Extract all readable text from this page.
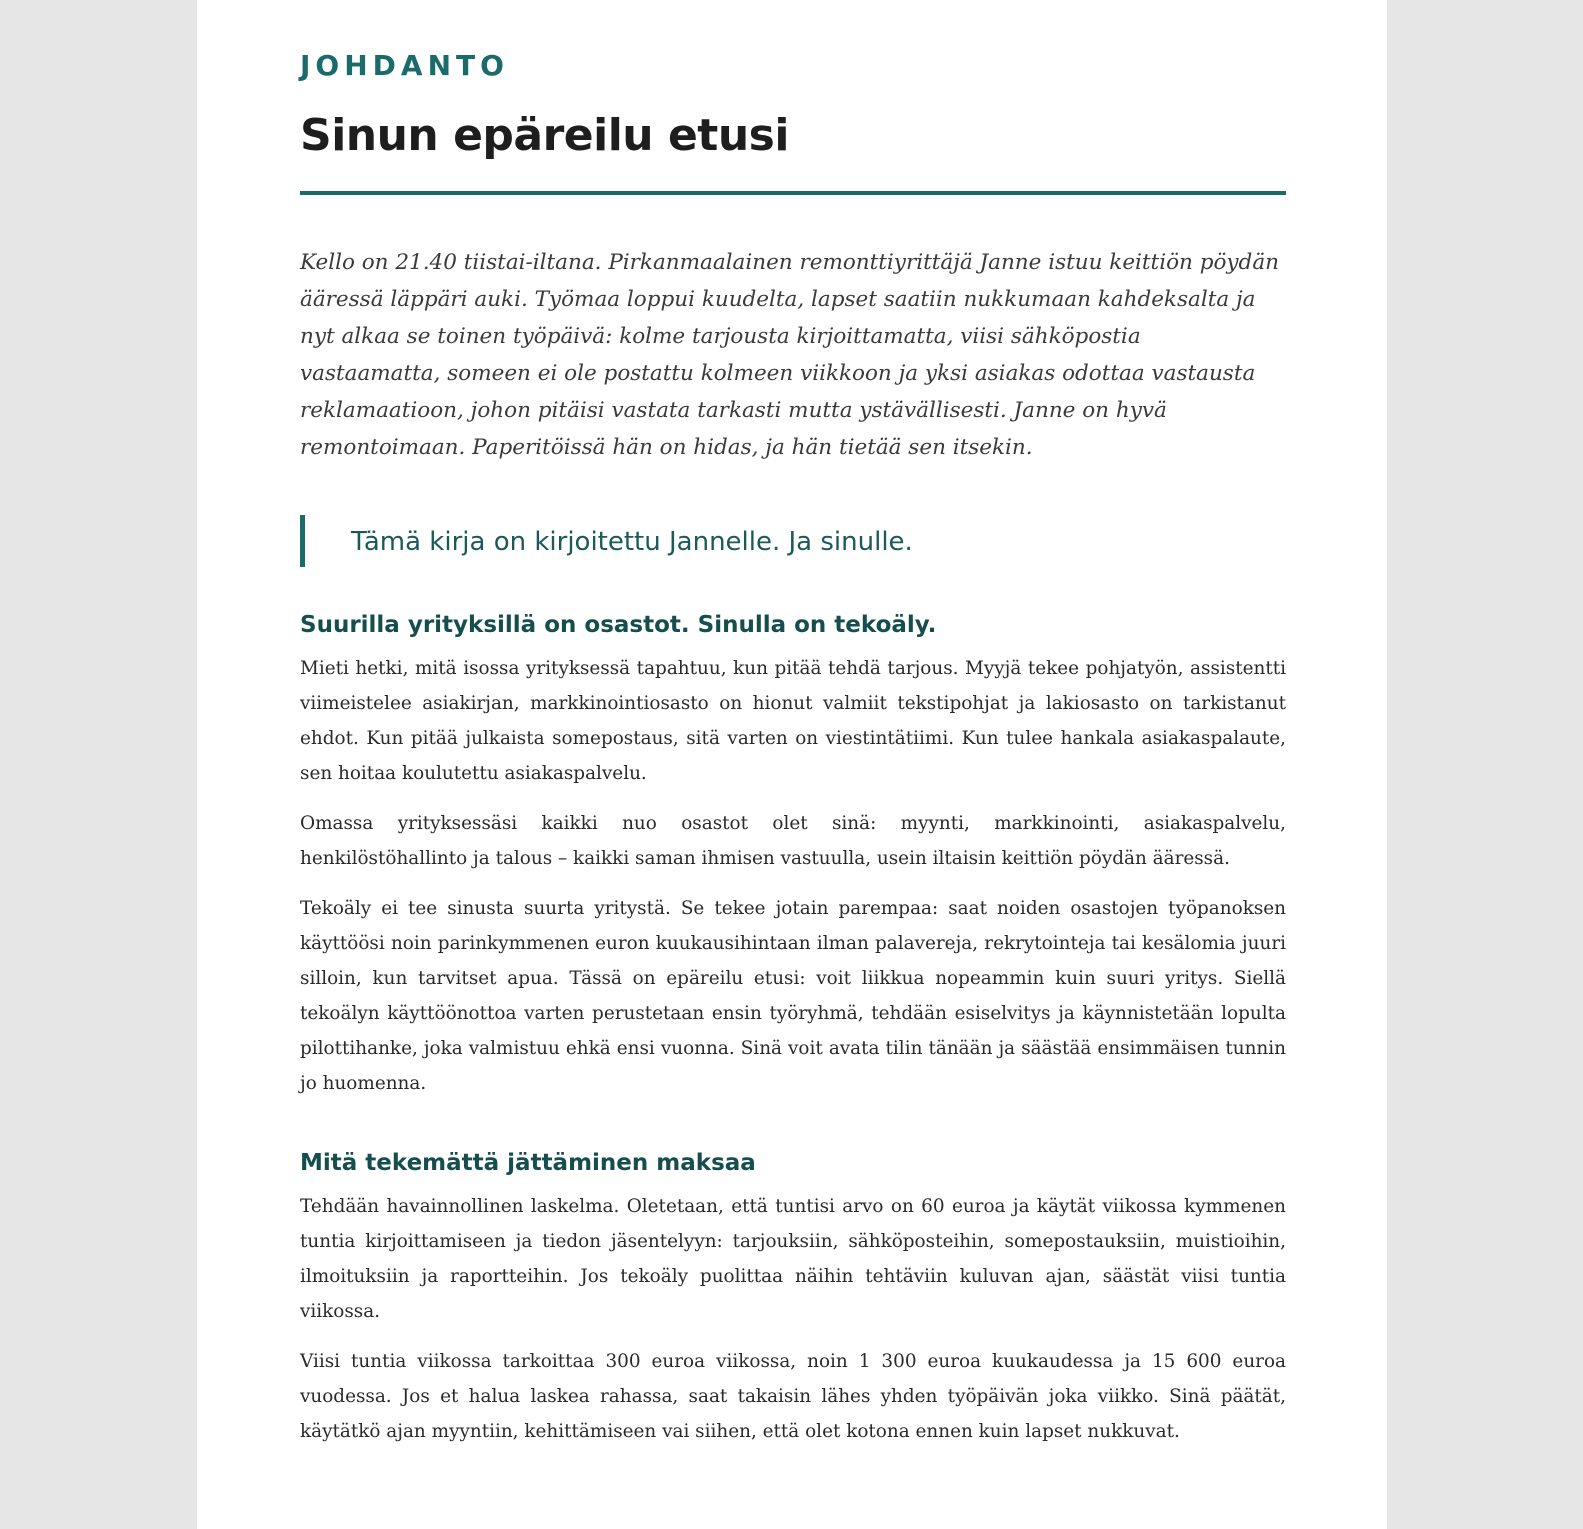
JOHDANTO
Sinun epäreilu etusi

Kello on 21.40 tiistai-iltana. Pirkanmaalainen remonttiyrittäjä Janne istuu keittiön pöydän ääressä läppäri auki. Työmaa loppui kuudelta, lapset saatiin nukkumaan kahdeksalta ja nyt alkaa se toinen työpäivä: kolme tarjousta kirjoittamatta, viisi sähköpostia vastaamatta, someen ei ole postattu kolmeen viikkoon ja yksi asiakas odottaa vastausta reklamaatioon, johon pitäisi vastata tarkasti mutta ystävällisesti. Janne on hyvä remontoimaan. Paperitöissä hän on hidas, ja hän tietää sen itsekin.

Tämä kirja on kirjoitettu Jannelle. Ja sinulle.

Suurilla yrityksillä on osastot. Sinulla on tekoäly.

Mieti hetki, mitä isossa yrityksessä tapahtuu, kun pitää tehdä tarjous. Myyjä tekee pohjatyön, assistentti viimeistelee asiakirjan, markkinointiosasto on hionut valmiit tekstipohjat ja lakiosasto on tarkistanut ehdot. Kun pitää julkaista somepostaus, sitä varten on viestintätiimi. Kun tulee hankala asiakaspalaute, sen hoitaa koulutettu asiakaspalvelu.

Omassa yrityksessäsi kaikki nuo osastot olet sinä: myynti, markkinointi, asiakaspalvelu, henkilöstöhallinto ja talous – kaikki saman ihmisen vastuulla, usein iltaisin keittiön pöydän ääressä.

Tekoäly ei tee sinusta suurta yritystä. Se tekee jotain parempaa: saat noiden osastojen työpanoksen käyttöösi noin parinkymmenen euron kuukausihintaan ilman palavereja, rekrytointeja tai kesälomia juuri silloin, kun tarvitset apua. Tässä on epäreilu etusi: voit liikkua nopeammin kuin suuri yritys. Siellä tekoälyn käyttöönottoa varten perustetaan ensin työryhmä, tehdään esiselvitys ja käynnistetään lopulta pilottihanke, joka valmistuu ehkä ensi vuonna. Sinä voit avata tilin tänään ja säästää ensimmäisen tunnin jo huomenna.

Mitä tekemättä jättäminen maksaa

Tehdään havainnollinen laskelma. Oletetaan, että tuntisi arvo on 60 euroa ja käytät viikossa kymmenen tuntia kirjoittamiseen ja tiedon jäsentelyyn: tarjouksiin, sähköposteihin, somepostauksiin, muistioihin, ilmoituksiin ja raportteihin. Jos tekoäly puolittaa näihin tehtäviin kuluvan ajan, säästät viisi tuntia viikossa.

Viisi tuntia viikossa tarkoittaa 300 euroa viikossa, noin 1 300 euroa kuukaudessa ja 15 600 euroa vuodessa. Jos et halua laskea rahassa, saat takaisin lähes yhden työpäivän joka viikko. Sinä päätät, käytätkö ajan myyntiin, kehittämiseen vai siihen, että olet kotona ennen kuin lapset nukkuvat.
